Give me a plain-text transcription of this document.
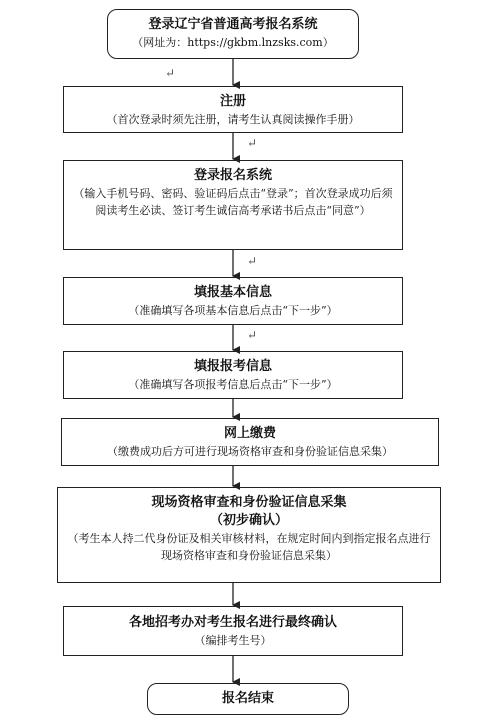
登录辽宁省普通高考报名系统
（网址为：https://gkbm.lnzsks.com）
注册
（首次登录时须先注册，请考生认真阅读操作手册）
登录报名系统
（输入手机号码、密码、验证码后点击“登录”；首次登录成功后须阅读考生必读、签订考生诚信高考承诺书后点击“同意”）
填报基本信息
（准确填写各项基本信息后点击“下一步”）
填报报考信息
（准确填写各项报考信息后点击“下一步”）
网上缴费
（缴费成功后方可进行现场资格审查和身份验证信息采集）
现场资格审查和身份验证信息采集
（初步确认）
（考生本人持二代身份证及相关审核材料，在规定时间内到指定报名点进行现场资格审查和身份验证信息采集）
各地招考办对考生报名进行最终确认
（编排考生号）
报名结束
↵
↵
↵
↵
